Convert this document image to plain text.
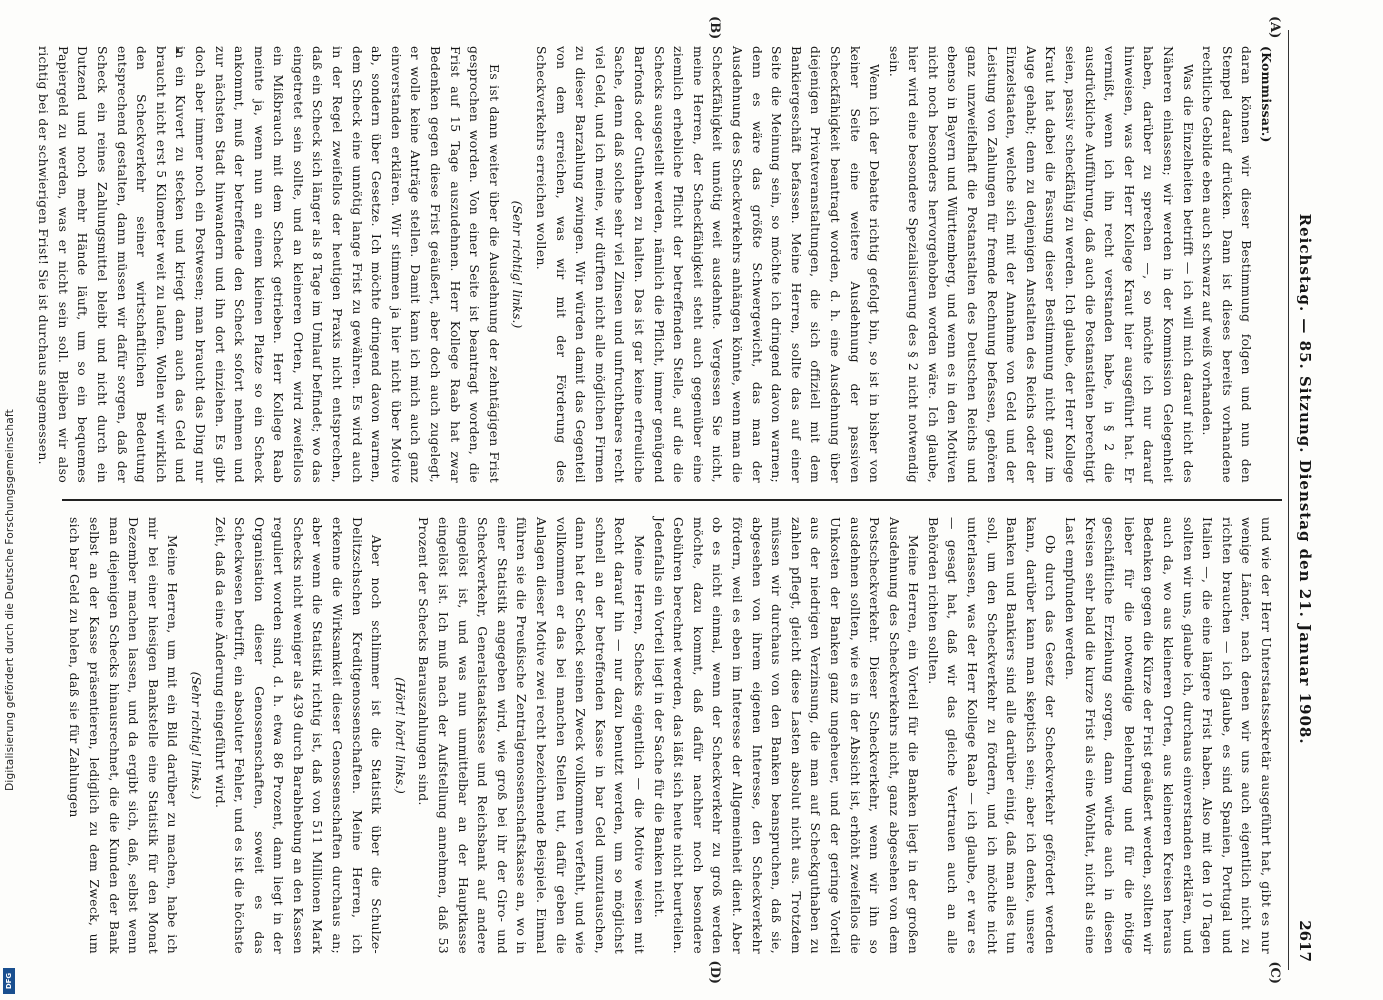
Digitalisierung gefördert durch die Deutsche Forschungsgemeinschaft
DFG
Reichstag. — 85. Sitzung. Dienstag den 21. Januar 1908.
2617
(A)
(B)

(Kommissar.)

daran können wir dieser Bestimmung folgen und nun den Stempel darauf drücken. Dann ist dieses bereits vorhandene rechtliche Gebilde eben auch schwarz auf weiß vorhanden.

Was die Einzelheiten betrifft — ich will mich darauf nicht des Näheren einlassen; wir werden in der Kommission Gelegenheit haben, darüber zu sprechen —, so möchte ich nur darauf hinweisen, was der Herr Kollege Kraut hier ausgeführt hat. Er vermißt, wenn ich ihn recht verstanden habe, in § 2 die ausdrückliche Aufführung, daß auch die Postanstalten berechtigt seien, passiv scheckfähig zu werden. Ich glaube, der Herr Kollege Kraut hat dabei die Fassung dieser Bestimmung nicht ganz im Auge gehabt; denn zu denjenigen Anstalten des Reichs oder der Einzelstaaten, welche sich mit der Annahme von Geld und der Leistung von Zahlungen für fremde Rechnung befassen, gehören ganz unzweifelhaft die Postanstalten des Deutschen Reichs und ebenso in Bayern und Württemberg, und wenn es in den Motiven nicht noch besonders hervorgehoben worden wäre. Ich glaube, hier wird eine besondere Spezialisierung des § 2 nicht notwendig sein.

Wenn ich der Debatte richtig gefolgt bin, so ist in bisher von keiner Seite eine weitere Ausdehnung der passiven Scheckfähigkeit beantragt worden, d. h. eine Ausdehnung über diejenigen Privatveranstaltungen, die sich offiziell mit dem Bankiergeschäft befassen. Meine Herren, sollte das auf einer Seite die Meinung sein, so möchte ich dringend davon warnen; denn es wäre das größte Schwergewicht, das man der Ausdehnung des Scheckverkehrs anhängen könnte, wenn man die Scheckfähigkeit unnötig weit ausdehnte. Vergessen Sie nicht, meine Herren, der Scheckfähigkeit steht auch gegenüber eine ziemlich erhebliche Pflicht der betreffenden Stelle, auf die die Schecks ausgestellt werden, nämlich die Pflicht, immer genügend Barfonds oder Guthaben zu halten. Das ist gar keine erfreuliche Sache, denn daß solche sehr viel Zinsen und unfruchtbares recht viel Geld, und ich meine, wir dürften nicht alle möglichen Firmen zu dieser Barzahlung zwingen. Wir würden damit das Gegenteil von dem erreichen, was wir mit der Förderung des Scheckverkehrs erreichen wollen.

(Sehr richtig! links.)

Es ist dann weiter über die Ausdehnung der zehntägigen Frist gesprochen worden. Von einer Seite ist beantragt worden, die Frist auf 15 Tage auszudehnen. Herr Kollege Raab hat zwar Bedenken gegen diese Frist geäußert, aber doch auch zugelegt, er wolle keine Anträge stellen. Damit kann ich mich auch ganz einverstanden erklären. Wir stimmen ja hier nicht über Motive ab, sondern über Gesetze. Ich möchte dringend davon warnen, dem Scheck eine unnötig lange Frist zu gewähren. Es wird auch in der Regel zweifellos der heutigen Praxis nicht entsprechen, daß ein Scheck sich länger als 8 Tage im Umlauf befindet; wo das eingetretet sein sollte, und an kleineren Orten, wird zweifellos ein Mißbrauch mit dem Scheck getrieben. Herr Kollege Raab meinte ja, wenn nun an einem kleinen Platze so ein Scheck ankommt, muß der betreffende den Scheck sofort nehmen und zur nächsten Stadt hinwandern und ihn dort einziehen. Es gibt doch aber immer noch ein Postwesen; man braucht das Ding nur in ein Kuvert zu stecken und kriegt dann auch das Geld und braucht nicht erst 5 Kilometer weit zu laufen. Wollen wir wirklich den Scheckverkehr seiner wirtschaftlichen Bedeutung entsprechend gestalten, dann müssen wir dafür sorgen, daß der Scheck ein reines Zahlungsmittel bleibt und nicht durch ein Dutzend und noch mehr Hände läuft, um so ein bequemes Papiergeld zu werden, was er nicht sein soll. Bleiben wir also richtig bei der schwierigen Frist! Sie ist durchaus angemessen.

(C)
(D)

und wie der Herr Unterstaatssekretär ausgeführt hat, gibt es nur wenige Länder, nach denen wir uns auch eigentlich nicht zu richten brauchen — ich glaube, es sind Spanien, Portugal und Italien —, die eine längere Frist haben. Also mit den 10 Tagen sollten wir uns, glaube ich, durchaus einverstanden erklären, und auch da, wo aus kleineren Orten, aus kleineren Kreisen heraus Bedenken gegen die Kürze der Frist geäußert werden, sollten wir lieber für die notwendige Belehrung und für die nötige geschäftliche Erziehung sorgen, dann würde auch in diesen Kreisen sehr bald die kurze Frist als eine Wohltat, nicht als eine Last empfunden werden.

Ob durch das Gesetz der Scheckverkehr gefördert werden kann, darüber kann man skeptisch sein; aber ich denke, unsere Banken und Bankiers sind alle darüber einig, daß man alles tun soll, um den Scheckverkehr zu fördern, und ich möchte nicht unterlassen, was der Herr Kollege Raab — ich glaube, er war es — gesagt hat, daß wir das gleiche Vertrauen auch an alle Behörden richten sollten.

Meine Herren, ein Vorteil für die Banken liegt in der großen Ausdehnung des Scheckverkehrs nicht, ganz abgesehen von dem Postscheckverkehr. Dieser Scheckverkehr, wenn wir ihn so ausdehnen sollten, wie es in der Absicht ist, erhöht zweifellos die Unkosten der Banken ganz ungeheuer, und der geringe Vorteil aus der niedrigen Verzinsung, die man auf Scheckguthaben zu zahlen pflegt, gleicht diese Lasten absolut nicht aus. Trotzdem müssen wir durchaus von den Banken beanspruchen, daß sie, abgesehen von ihrem eigenen Interesse, den Scheckverkehr fördern, weil es eben im Interesse der Allgemeinheit dient. Aber ob es nicht einmal, wenn der Scheckverkehr zu groß werden möchte, dazu kommt, daß dafür nachher noch besondere Gebühren berechnet werden, das läßt sich heute nicht beurteilen. Jedenfalls ein Vorteil liegt in der Sache für die Banken nicht.

Meine Herren, Schecks eigentlich — die Motive weisen mit Recht darauf hin — nur dazu benutzt werden, um so möglichst schnell an der betreffenden Kasse in bar Geld umzutauschen, dann hat der Scheck seinen Zweck vollkommen verfehlt, und wie vollkommen er das bei manchen Stellen tut, dafür geben die Anlagen dieser Motive zwei recht bezeichnende Beispiele. Einmal führen sie die Preußische Zentralgenossenschaftskasse an, wo in einer Statistik angegeben wird, wie groß bei ihr der Giro- und Scheckverkehr, Generalstaatskasse und Reichsbank auf andere eingelöst ist, und was nun unmittelbar an der Hauptkasse eingelöst ist. Ich muß nach der Aufstellung annehmen, daß 53 Prozent der Schecks Barauszahlungen sind.

(Hört! hört! links.)

Aber noch schlimmer ist die Statistik über die Schulze-Delitzschschen Kreditgenossenschaften. Meine Herren, ich erkenne die Wirksamkeit dieser Genossenschaften durchaus an; aber wenn die Statistik richtig ist, daß von 511 Millionen Mark Schecks nicht weniger als 439 durch Barabhebung an den Kassen reguliert worden sind, d. h. etwa 86 Prozent, dann liegt in der Organisation dieser Genossenschaften, soweit es das Scheckwesen betrifft, ein absoluter Fehler, und es ist die höchste Zeit, daß da eine Änderung eingeführt wird.

(Sehr richtig! links.)

Meine Herren, um mit ein Bild darüber zu machen, habe ich mir bei einer hiesigen Bankstelle eine Statistik für den Monat Dezember machen lassen, und da ergibt sich, daß, selbst wenn man diejenigen Schecks hinausrechnet, die die Kunden der Bank selbst an der Kasse präsentieren, lediglich zu dem Zweck, um sich bar Geld zu holen, daß sie für Zahlungen
